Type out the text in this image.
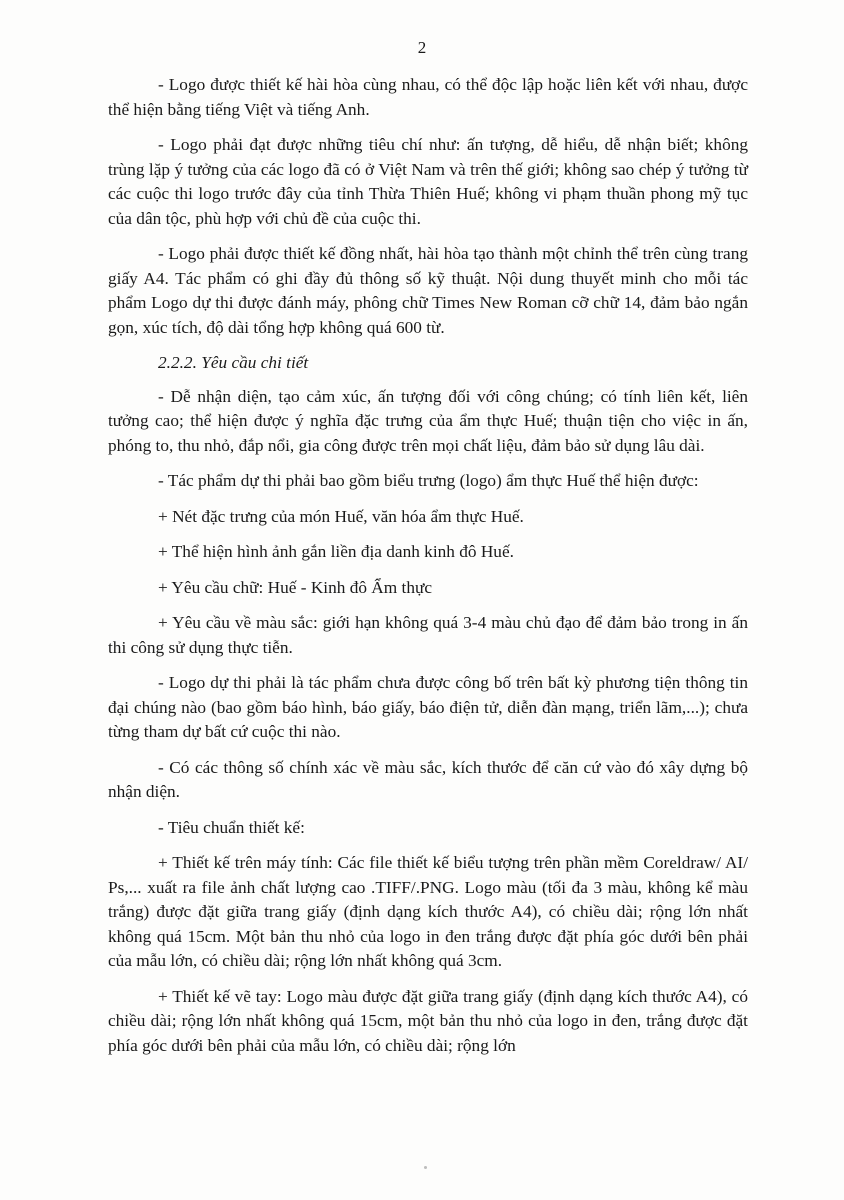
2

- Logo được thiết kế hài hòa cùng nhau, có thể độc lập hoặc liên kết với nhau, được thể hiện bằng tiếng Việt và tiếng Anh.

- Logo phải đạt được những tiêu chí như: ấn tượng, dễ hiểu, dễ nhận biết; không trùng lặp ý tưởng của các logo đã có ở Việt Nam và trên thế giới; không sao chép ý tưởng từ các cuộc thi logo trước đây của tỉnh Thừa Thiên Huế; không vi phạm thuần phong mỹ tục của dân tộc, phù hợp với chủ đề của cuộc thi.

- Logo phải được thiết kế đồng nhất, hài hòa tạo thành một chỉnh thể trên cùng trang giấy A4. Tác phẩm có ghi đầy đủ thông số kỹ thuật. Nội dung thuyết minh cho mỗi tác phẩm Logo dự thi được đánh máy, phông chữ Times New Roman cỡ chữ 14, đảm bảo ngắn gọn, xúc tích, độ dài tổng hợp không quá 600 từ.

2.2.2. Yêu cầu chi tiết

- Dễ nhận diện, tạo cảm xúc, ấn tượng đối với công chúng; có tính liên kết, liên tưởng cao; thể hiện được ý nghĩa đặc trưng của ẩm thực Huế; thuận tiện cho việc in ấn, phóng to, thu nhỏ, đắp nổi, gia công được trên mọi chất liệu, đảm bảo sử dụng lâu dài.

- Tác phẩm dự thi phải bao gồm biểu trưng (logo) ẩm thực Huế thể hiện được:

+ Nét đặc trưng của món Huế, văn hóa ẩm thực Huế.

+ Thể hiện hình ảnh gắn liền địa danh kinh đô Huế.

+ Yêu cầu chữ: Huế - Kinh đô Ẩm thực

+ Yêu cầu về màu sắc: giới hạn không quá 3-4 màu chủ đạo để đảm bảo trong in ấn thi công sử dụng thực tiễn.

- Logo dự thi phải là tác phẩm chưa được công bố trên bất kỳ phương tiện thông tin đại chúng nào (bao gồm báo hình, báo giấy, báo điện tử, diễn đàn mạng, triển lãm,...); chưa từng tham dự bất cứ cuộc thi nào.

- Có các thông số chính xác về màu sắc, kích thước để căn cứ vào đó xây dựng bộ nhận diện.

- Tiêu chuẩn thiết kế:

+ Thiết kế trên máy tính: Các file thiết kế biểu tượng trên phần mềm Coreldraw/ AI/ Ps,... xuất ra file ảnh chất lượng cao .TIFF/.PNG. Logo màu (tối đa 3 màu, không kể màu trắng) được đặt giữa trang giấy (định dạng kích thước A4), có chiều dài; rộng lớn nhất không quá 15cm. Một bản thu nhỏ của logo in đen trắng được đặt phía góc dưới bên phải của mẫu lớn, có chiều dài; rộng lớn nhất không quá 3cm.

+ Thiết kế vẽ tay: Logo màu được đặt giữa trang giấy (định dạng kích thước A4), có chiều dài; rộng lớn nhất không quá 15cm, một bản thu nhỏ của logo in đen, trắng được đặt phía góc dưới bên phải của mẫu lớn, có chiều dài; rộng lớn
